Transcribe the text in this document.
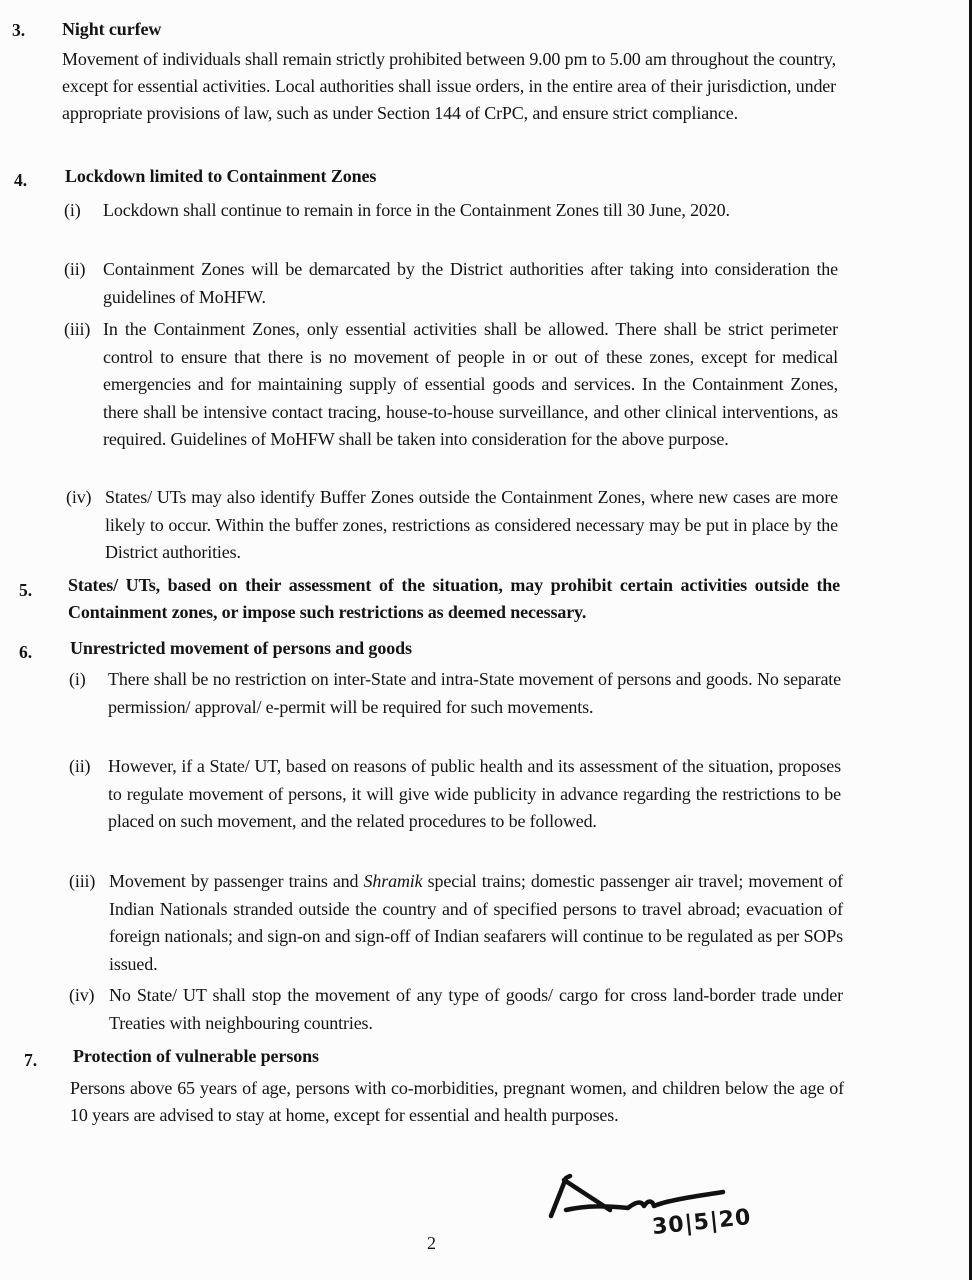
3. Night curfew
Movement of individuals shall remain strictly prohibited between 9.00 pm to 5.00 am throughout the country, except for essential activities. Local authorities shall issue orders, in the entire area of their jurisdiction, under appropriate provisions of law, such as under Section 144 of CrPC, and ensure strict compliance.
4. Lockdown limited to Containment Zones
(i)	Lockdown shall continue to remain in force in the Containment Zones till 30 June, 2020.
(ii) Containment Zones will be demarcated by the District authorities after taking into consideration the guidelines of MoHFW.
(iii) In the Containment Zones, only essential activities shall be allowed. There shall be strict perimeter control to ensure that there is no movement of people in or out of these zones, except for medical emergencies and for maintaining supply of essential goods and services. In the Containment Zones, there shall be intensive contact tracing, house-to-house surveillance, and other clinical interventions, as required. Guidelines of MoHFW shall be taken into consideration for the above purpose.
(iv) States/ UTs may also identify Buffer Zones outside the Containment Zones, where new cases are more likely to occur. Within the buffer zones, restrictions as considered necessary may be put in place by the District authorities.
5. States/ UTs, based on their assessment of the situation, may prohibit certain activities outside the Containment zones, or impose such restrictions as deemed necessary.
6. Unrestricted movement of persons and goods
(i)	There shall be no restriction on inter-State and intra-State movement of persons and goods. No separate permission/ approval/ e-permit will be required for such movements.
(ii) However, if a State/ UT, based on reasons of public health and its assessment of the situation, proposes to regulate movement of persons, it will give wide publicity in advance regarding the restrictions to be placed on such movement, and the related procedures to be followed.
(iii) Movement by passenger trains and Shramik special trains; domestic passenger air travel; movement of Indian Nationals stranded outside the country and of specified persons to travel abroad; evacuation of foreign nationals; and sign-on and sign-off of Indian seafarers will continue to be regulated as per SOPs issued.
(iv) No State/ UT shall stop the movement of any type of goods/ cargo for cross land-border trade under Treaties with neighbouring countries.
7. Protection of vulnerable persons
Persons above 65 years of age, persons with co-morbidities, pregnant women, and children below the age of 10 years are advised to stay at home, except for essential and health purposes.
30|5|20
2
